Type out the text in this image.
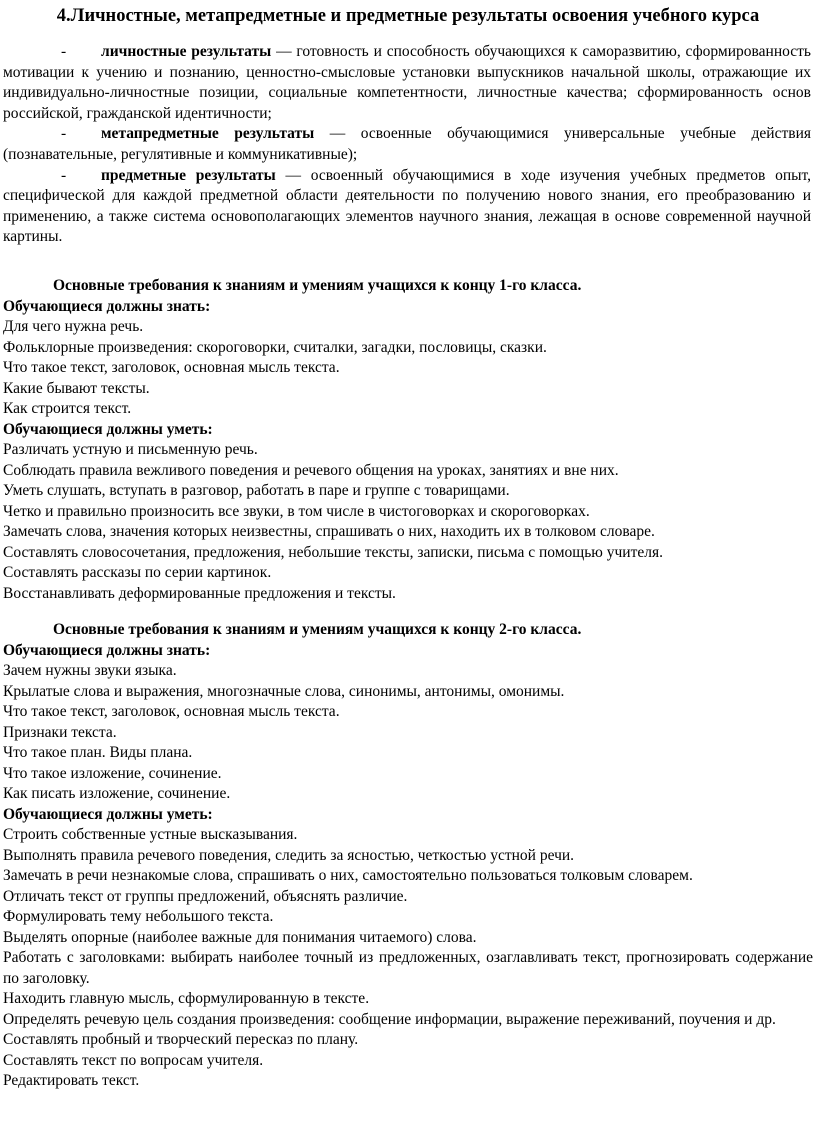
4.Личностные, метапредметные и предметные результаты освоения учебного курса

- личностные результаты — готовность и способность обучающихся к саморазвитию, сформированность мотивации к учению и познанию, ценностно-смысловые установки выпускников начальной школы, отражающие их индивидуально-личностные позиции, социальные компетентности, личностные качества; сформированность основ российской, гражданской идентичности;

- метапредметные результаты — освоенные обучающимися универсальные учебные действия (познавательные, регулятивные и коммуникативные);

- предметные результаты — освоенный обучающимися в ходе изучения учебных предметов опыт, специфической для каждой предметной области деятельности по получению нового знания, его преобразованию и применению, а также система основополагающих элементов научного знания, лежащая в основе современной научной картины.

Основные требования к знаниям и умениям учащихся к концу 1-го класса.
Обучающиеся должны знать:

Для чего нужна речь.

Фольклорные произведения: скороговорки, считалки, загадки, пословицы, сказки.

Что такое текст, заголовок, основная мысль текста.

Какие бывают тексты.

Как строится текст.

Обучающиеся должны уметь:

Различать устную и письменную речь.

Соблюдать правила вежливого поведения и речевого общения на уроках, занятиях и вне них.

Уметь слушать, вступать в разговор, работать в паре и группе с товарищами.

Четко и правильно произносить все звуки, в том числе в чистоговорках и скороговорках.

Замечать слова, значения которых неизвестны, спрашивать о них, находить их в толковом словаре.

Составлять словосочетания, предложения, небольшие тексты, записки, письма с помощью учителя.

Составлять рассказы по серии картинок.

Восстанавливать деформированные предложения и тексты.

Основные требования к знаниям и умениям учащихся к концу 2-го класса.
Обучающиеся должны знать:

Зачем нужны звуки языка.

Крылатые слова и выражения, многозначные слова, синонимы, антонимы, омонимы.

Что такое текст, заголовок, основная мысль текста.

Признаки текста.

Что такое план. Виды плана.

Что такое изложение, сочинение.

Как писать изложение, сочинение.

Обучающиеся должны уметь:

Строить собственные устные высказывания.

Выполнять правила речевого поведения, следить за ясностью, четкостью устной речи.

Замечать в речи незнакомые слова, спрашивать о них, самостоятельно пользоваться толковым словарем.

Отличать текст от группы предложений, объяснять различие.

Формулировать тему небольшого текста.

Выделять опорные (наиболее важные для понимания читаемого) слова.

Работать с заголовками: выбирать наиболее точный из предложенных, озаглавливать текст, прогнозировать содержание по заголовку.

Находить главную мысль, сформулированную в тексте.

Определять речевую цель создания произведения: сообщение информации, выражение переживаний, поучения и др.

Составлять пробный и творческий пересказ по плану.

Составлять текст по вопросам учителя.

Редактировать текст.
